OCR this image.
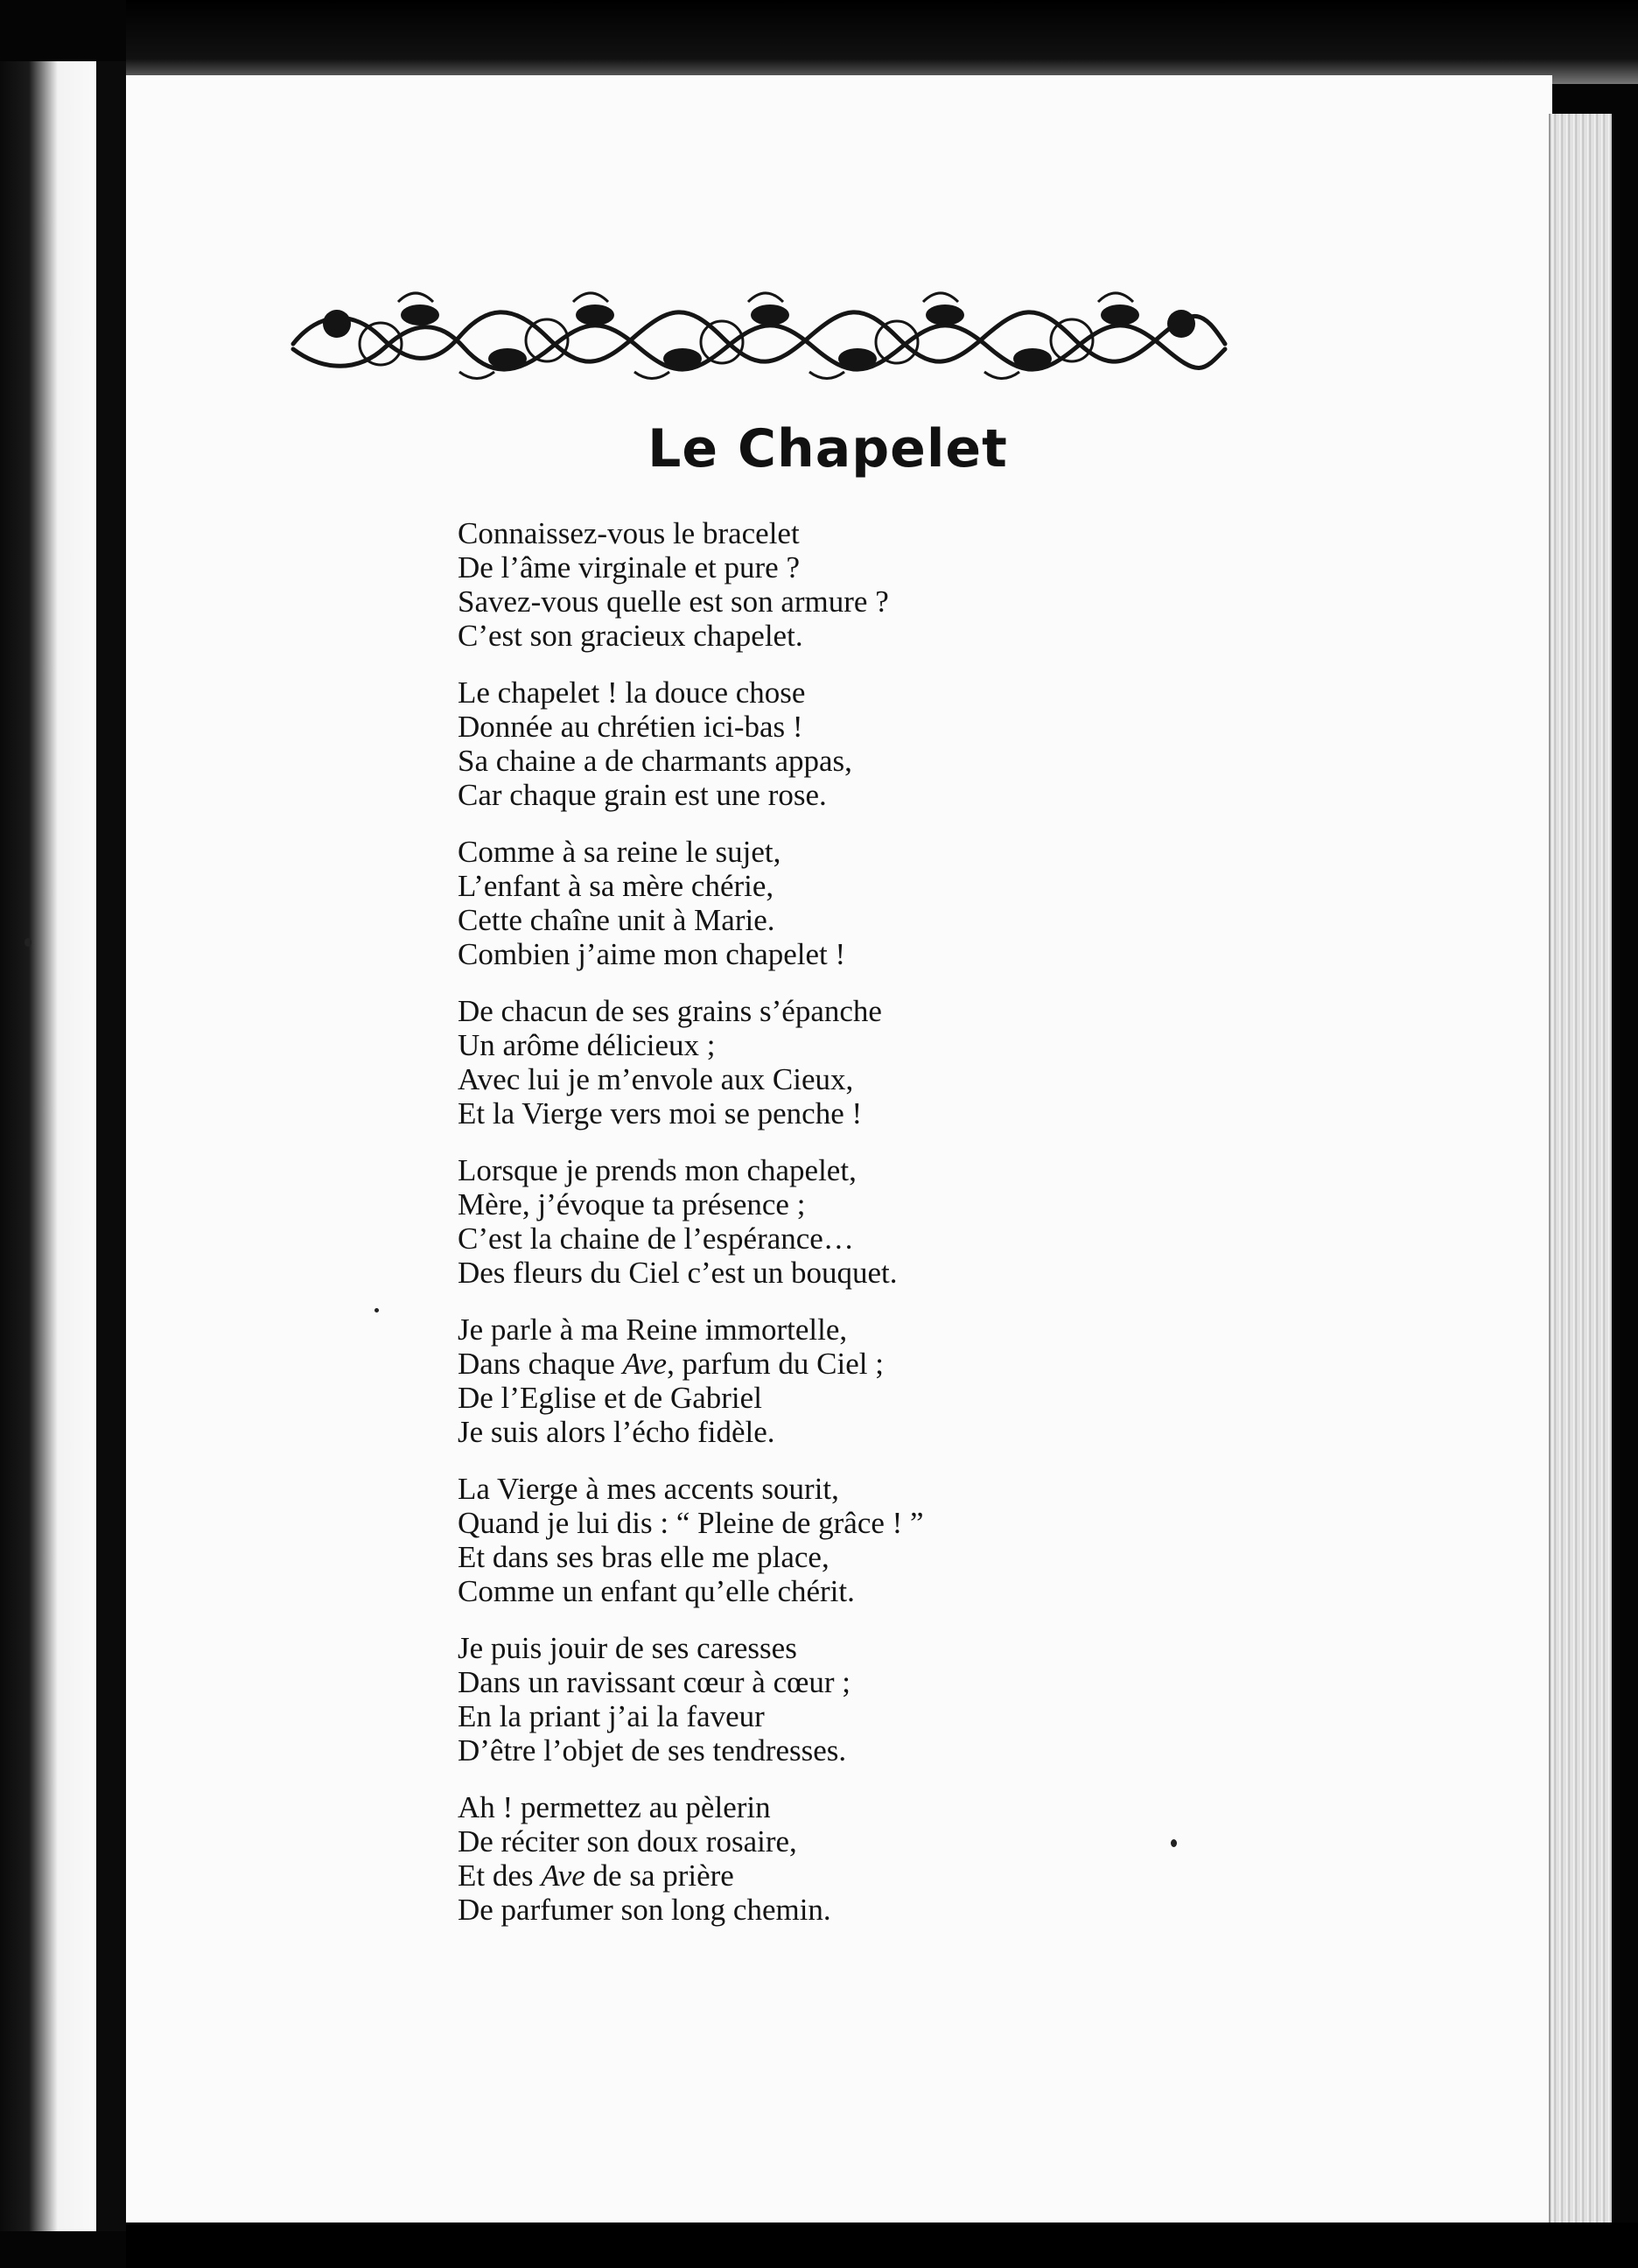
Le Chapelet
Connaissez-vous le bracelet
De l’âme virginale et pure ?
Savez-vous quelle est son armure ?
C’est son gracieux chapelet.
Le chapelet ! la douce chose
Donnée au chrétien ici-bas !
Sa chaine a de charmants appas,
Car chaque grain est une rose.
Comme à sa reine le sujet,
L’enfant à sa mère chérie,
Cette chaîne unit à Marie.
Combien j’aime mon chapelet !
De chacun de ses grains s’épanche
Un arôme délicieux ;
Avec lui je m’envole aux Cieux,
Et la Vierge vers moi se penche !
Lorsque je prends mon chapelet,
Mère, j’évoque ta présence ;
C’est la chaine de l’espérance…
Des fleurs du Ciel c’est un bouquet.
Je parle à ma Reine immortelle,
Dans chaque Ave, parfum du Ciel ;
De l’Eglise et de Gabriel
Je suis alors l’écho fidèle.
La Vierge à mes accents sourit,
Quand je lui dis : “ Pleine de grâce ! ”
Et dans ses bras elle me place,
Comme un enfant qu’elle chérit.
Je puis jouir de ses caresses
Dans un ravissant cœur à cœur ;
En la priant j’ai la faveur
D’être l’objet de ses tendresses.
Ah ! permettez au pèlerin
De réciter son doux rosaire,
Et des Ave de sa prière
De parfumer son long chemin.
